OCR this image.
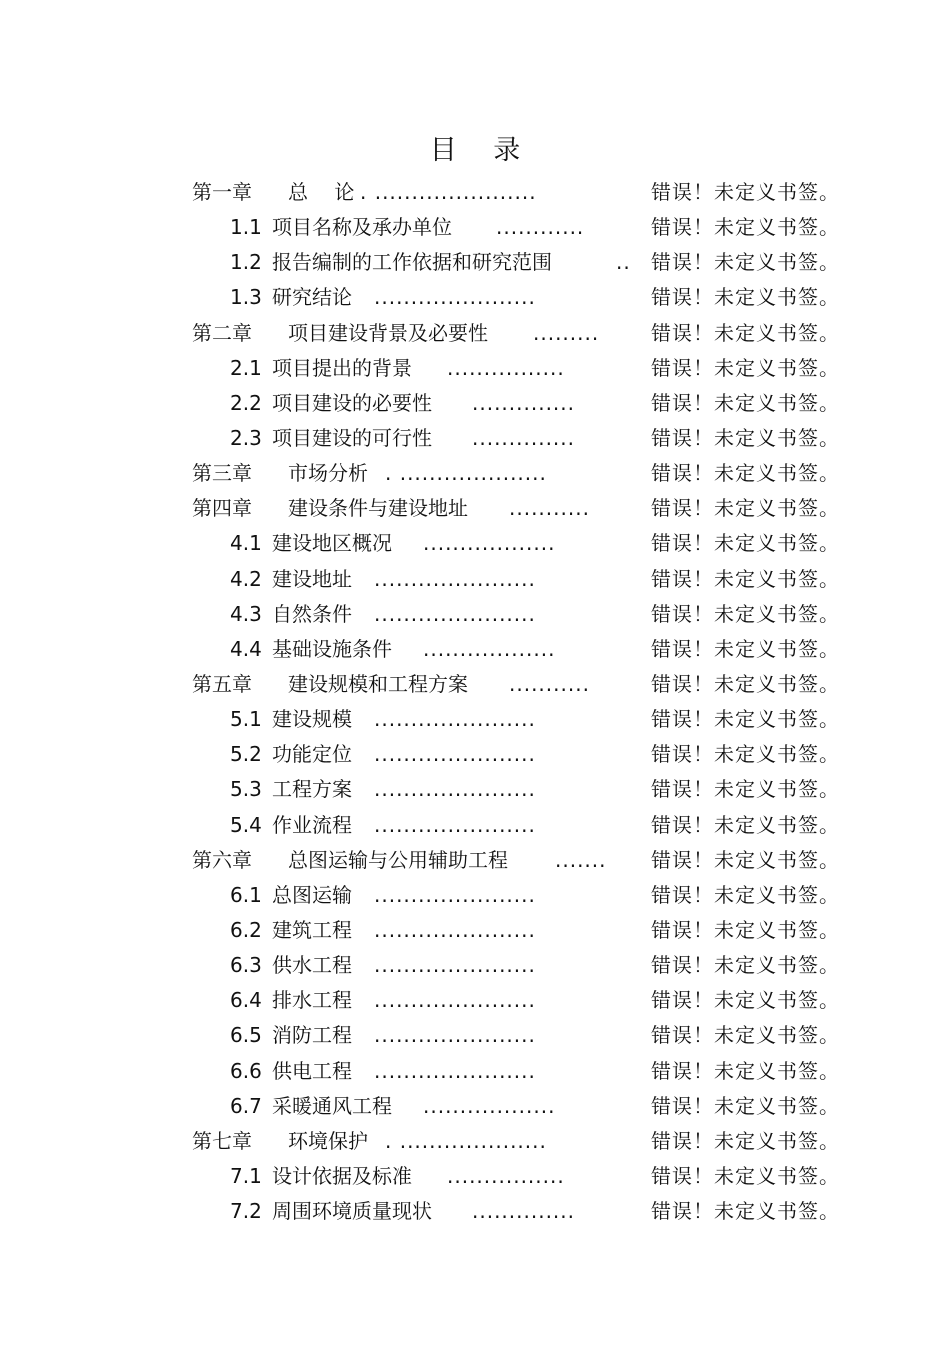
目 录
第一章 总　 论 . ......................	错误！未定义书签。
1.1 项目名称及承办单位 ............	错误！未定义书签。
1.2 报告编制的工作依据和研究范围	.. 错误！未定义书签。
1.3 研究结论 ......................	错误！未定义书签。
第二章 项目建设背景及必要性 .........	错误！未定义书签。
2.1 项目提出的背景 ................	错误！未定义书签。
2.2 项目建设的必要性 ..............	错误！未定义书签。
2.3 项目建设的可行性 ..............	错误！未定义书签。
第三章 市场分析 . ....................	错误！未定义书签。
第四章 建设条件与建设地址 ...........	错误！未定义书签。
4.1 建设地区概况 ..................	错误！未定义书签。
4.2 建设地址 ......................	错误！未定义书签。
4.3 自然条件 ......................	错误！未定义书签。
4.4 基础设施条件 ..................	错误！未定义书签。
第五章 建设规模和工程方案 ...........	错误！未定义书签。
5.1 建设规模 ......................	错误！未定义书签。
5.2 功能定位 ......................	错误！未定义书签。
5.3 工程方案 ......................	错误！未定义书签。
5.4 作业流程 ......................	错误！未定义书签。
第六章 总图运输与公用辅助工程 ....... 错误！未定义书签。
6.1 总图运输 ......................	错误！未定义书签。
6.2 建筑工程 ......................	错误！未定义书签。
6.3 供水工程 ......................	错误！未定义书签。
6.4 排水工程 ......................	错误！未定义书签。
6.5 消防工程 ......................	错误！未定义书签。
6.6 供电工程 ......................	错误！未定义书签。
6.7 采暖通风工程 ..................	错误！未定义书签。
第七章 环境保护 . ....................	错误！未定义书签。
7.1 设计依据及标准 ................	错误！未定义书签。
7.2 周围环境质量现状 ..............	错误！未定义书签。
